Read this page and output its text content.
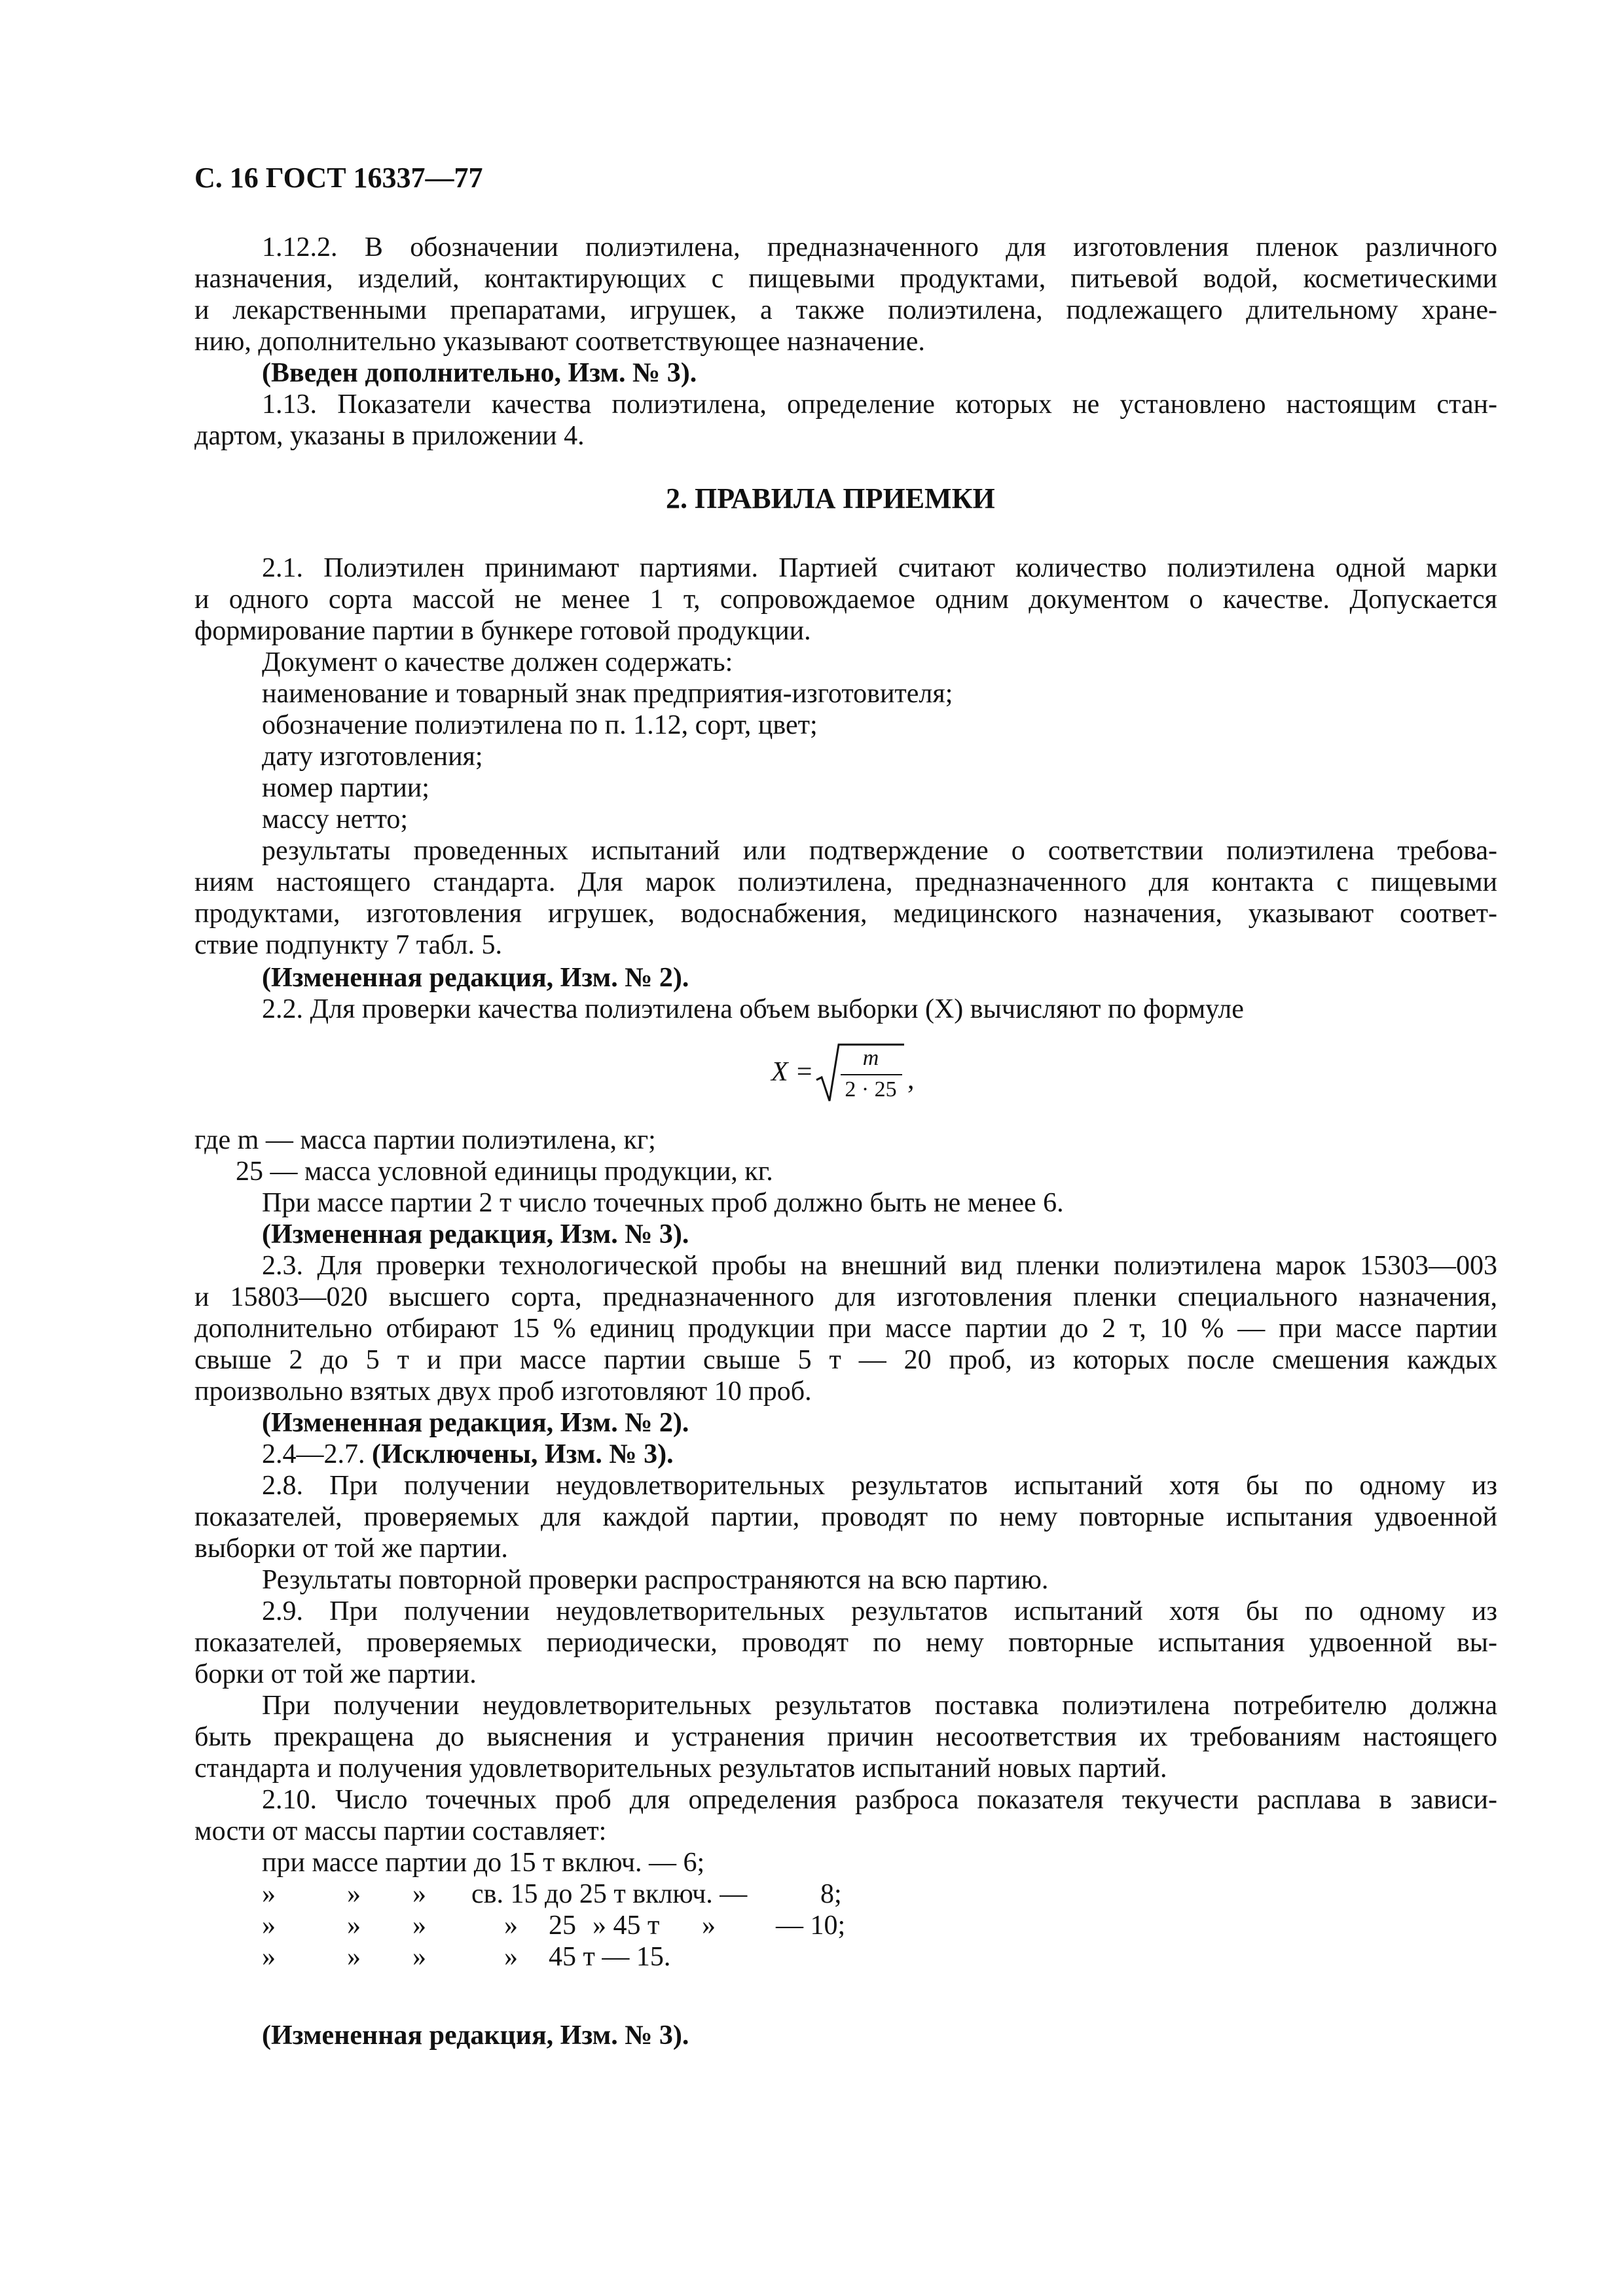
С. 16 ГОСТ 16337—77
1.12.2. В обозначении полиэтилена, предназначенного для изготовления пленок различного
назначения, изделий, контактирующих с пищевыми продуктами, питьевой водой, косметическими
и лекарственными препаратами, игрушек, а также полиэтилена, подлежащего длительному хране-
нию, дополнительно указывают соответствующее назначение.
(Введен дополнительно, Изм. № 3).
1.13. Показатели качества полиэтилена, определение которых не установлено настоящим стан-
дартом, указаны в приложении 4.
2. ПРАВИЛА ПРИЕМКИ
2.1. Полиэтилен принимают партиями. Партией считают количество полиэтилена одной марки
и одного сорта массой не менее 1 т, сопровождаемое одним документом о качестве. Допускается
формирование партии в бункере готовой продукции.
Документ о качестве должен содержать:
наименование и товарный знак предприятия-изготовителя;
обозначение полиэтилена по п. 1.12, сорт, цвет;
дату изготовления;
номер партии;
массу нетто;
результаты проведенных испытаний или подтверждение о соответствии полиэтилена требова-
ниям настоящего стандарта. Для марок полиэтилена, предназначенного для контакта с пищевыми
продуктами, изготовления игрушек, водоснабжения, медицинского назначения, указывают соответ-
ствие подпункту 7 табл. 5.
(Измененная редакция, Изм. № 2).
2.2. Для проверки качества полиэтилена объем выборки (X) вычисляют по формуле
X =	m
2 · 25 ,
где m — масса партии полиэтилена, кг;
25 — масса условной единицы продукции, кг.
При массе партии 2 т число точечных проб должно быть не менее 6.
(Измененная редакция, Изм. № 3).
2.3. Для проверки технологической пробы на внешний вид пленки полиэтилена марок 15303—003
и 15803—020 высшего сорта, предназначенного для изготовления пленки специального назначения,
дополнительно отбирают 15 % единиц продукции при массе партии до 2 т, 10 % — при массе партии
свыше 2 до 5 т и при массе партии свыше 5 т — 20 проб, из которых после смешения каждых
произвольно взятых двух проб изготовляют 10 проб.
(Измененная редакция, Изм. № 2).
2.4—2.7. (Исключены, Изм. № 3).
2.8. При получении неудовлетворительных результатов испытаний хотя бы по одному из
показателей, проверяемых для каждой партии, проводят по нему повторные испытания удвоенной
выборки от той же партии.
Результаты повторной проверки распространяются на всю партию.
2.9. При получении неудовлетворительных результатов испытаний хотя бы по одному из
показателей, проверяемых периодически, проводят по нему повторные испытания удвоенной вы-
борки от той же партии.
При получении неудовлетворительных результатов поставка полиэтилена потребителю должна
быть прекращена до выяснения и устранения причин несоответствия их требованиям настоящего
стандарта и получения удовлетворительных результатов испытаний новых партий.
2.10. Число точечных проб для определения разброса показателя текучести расплава в зависи-
мости от массы партии составляет:
при массе партии до 15 т включ. — 6;
»	» » св. 15 до 25 т включ. —	8;
»	» »	» 25 » 45 т » — 10;
»	» »	» 45 т — 15.
(Измененная редакция, Изм. № 3).
